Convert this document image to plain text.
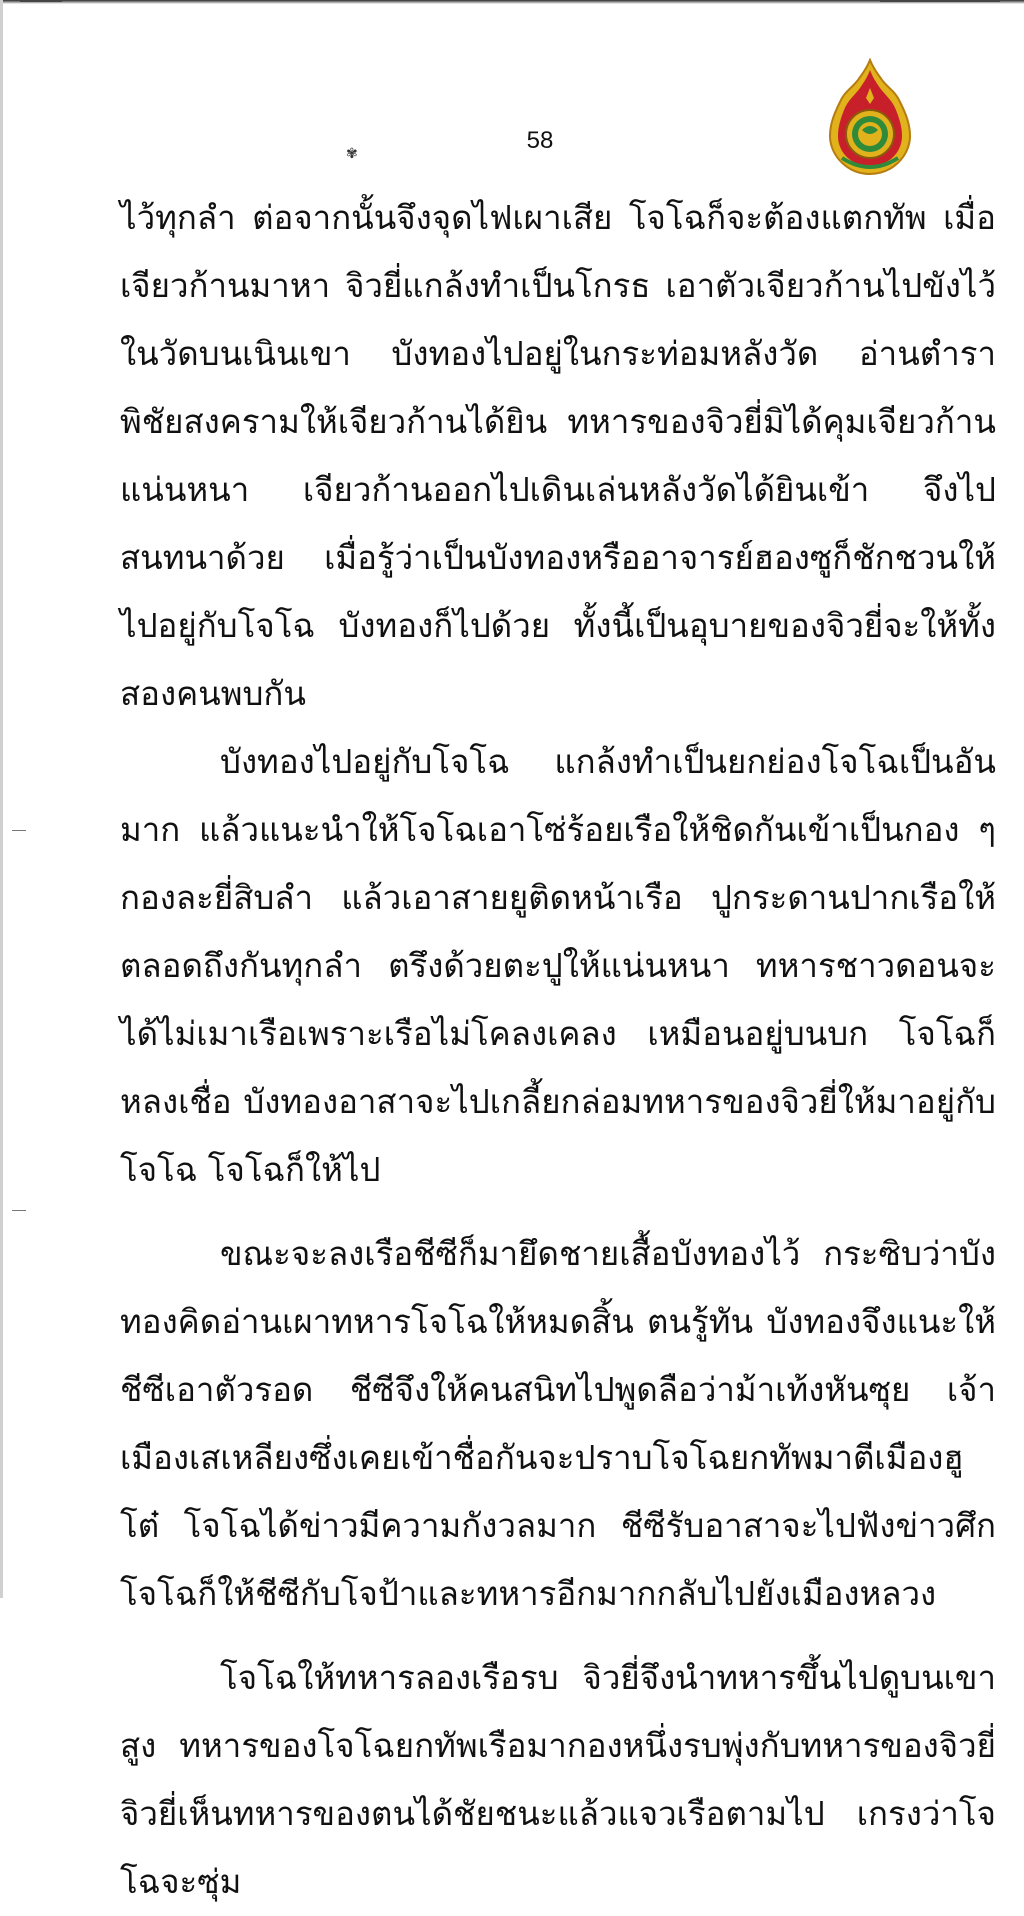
✾	58

ไว้ทุกลำ ต่อจากนั้นจึงจุดไฟเผาเสีย โจโฉก็จะต้องแตกทัพ เมื่อเจียวก้านมาหา จิวยี่แกล้งทำเป็นโกรธ เอาตัวเจียวก้านไปขังไว้ในวัดบนเนินเขา บังทองไปอยู่ในกระท่อมหลังวัด อ่านตำราพิชัยสงครามให้เจียวก้านได้ยิน ทหารของจิวยี่มิได้คุมเจียวก้านแน่นหนา เจียวก้านออกไปเดินเล่นหลังวัดได้ยินเข้า จึงไปสนทนาด้วย เมื่อรู้ว่าเป็นบังทองหรืออาจารย์ฮองซูก็ชักชวนให้ไปอยู่กับโจโฉ บังทองก็ไปด้วย ทั้งนี้เป็นอุบายของจิวยี่จะให้ทั้งสองคนพบกัน

บังทองไปอยู่กับโจโฉ แกล้งทำเป็นยกย่องโจโฉเป็นอันมาก แล้วแนะนำให้โจโฉเอาโซ่ร้อยเรือให้ชิดกันเข้าเป็นกอง ๆ กองละยี่สิบลำ แล้วเอาสายยูติดหน้าเรือ ปูกระดานปากเรือให้ตลอดถึงกันทุกลำ ตรึงด้วยตะปูให้แน่นหนา ทหารชาวดอนจะได้ไม่เมาเรือเพราะเรือไม่โคลงเคลง เหมือนอยู่บนบก โจโฉก็หลงเชื่อ บังทองอาสาจะไปเกลี้ยกล่อมทหารของจิวยี่ให้มาอยู่กับโจโฉ โจโฉก็ให้ไป

ขณะจะลงเรือชีซีก็มายึดชายเสื้อบังทองไว้ กระซิบว่าบังทองคิดอ่านเผาทหารโจโฉให้หมดสิ้น ตนรู้ทัน บังทองจึงแนะให้ชีซีเอาตัวรอด ชีซีจึงให้คนสนิทไปพูดลือว่าม้าเท้งหันซุย เจ้าเมืองเสเหลียงซึ่งเคยเข้าชื่อกันจะปราบโจโฉยกทัพมาตีเมืองฮูโต๋ โจโฉได้ข่าวมีความกังวลมาก ชีซีรับอาสาจะไปฟังข่าวศึก โจโฉก็ให้ชีซีกับโจป้าและทหารอีกมากกลับไปยังเมืองหลวง

โจโฉให้ทหารลองเรือรบ จิวยี่จึงนำทหารขึ้นไปดูบนเขาสูง ทหารของโจโฉยกทัพเรือมากองหนึ่งรบพุ่งกับทหารของจิวยี่ จิวยี่เห็นทหารของตนได้ชัยชนะแล้วแจวเรือตามไป เกรงว่าโจโฉจะซุ่ม
